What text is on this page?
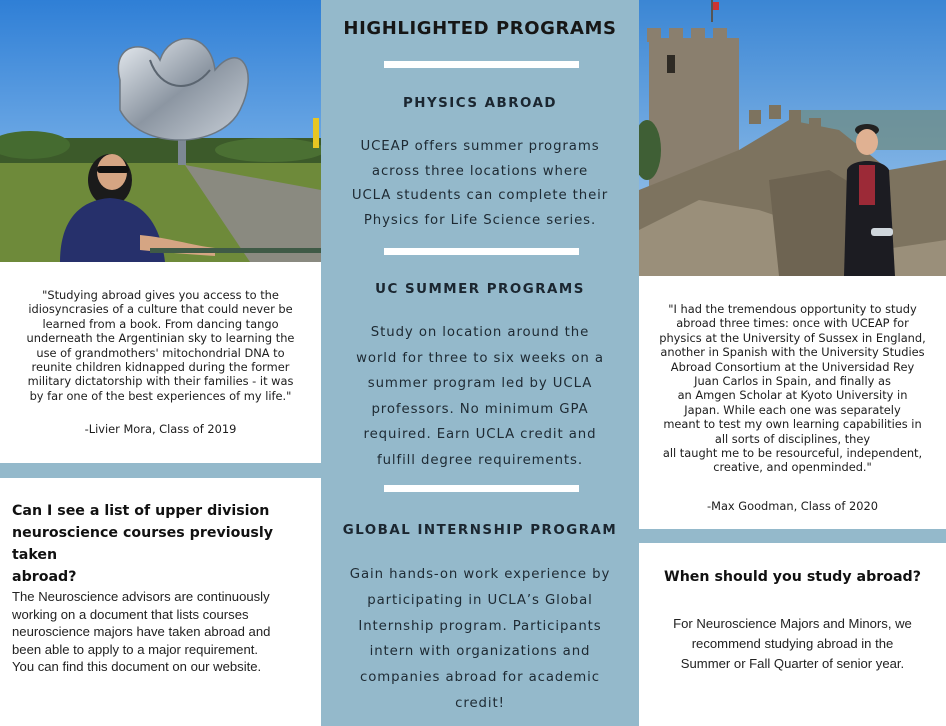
"Studying abroad gives you access to the
idiosyncrasies of a culture that could never be
learned from a book. From dancing tango
underneath the Argentinian sky to learning the
use of grandmothers' mitochondrial DNA to
reunite children kidnapped during the former
military dictatorship with their families - it was
by far one of the best experiences of my life."
-Livier Mora, Class of 2019
Can I see a list of upper division
neuroscience courses previously taken
abroad?
The Neuroscience advisors are continuously
working on a document that lists courses
neuroscience majors have taken abroad and
been able to apply to a major requirement.
You can find this document on our website.
HIGHLIGHTED PROGRAMS
PHYSICS ABROAD
UCEAP offers summer programs
across three locations where
UCLA students can complete their
Physics for Life Science series.
UC SUMMER PROGRAMS
Study on location around the
world for three to six weeks on a
summer program led by UCLA
professors. No minimum GPA
required. Earn UCLA credit and
fulfill degree requirements.
GLOBAL INTERNSHIP PROGRAM
Gain hands-on work experience by
participating in UCLA’s Global
Internship program. Participants
intern with organizations and
companies abroad for academic
credit!
"I had the tremendous opportunity to study
abroad three times: once with UCEAP for
physics at the University of Sussex in England,
another in Spanish with the University Studies
Abroad Consortium at the Universidad Rey
Juan Carlos in Spain, and finally as
an Amgen Scholar at Kyoto University in
Japan. While each one was separately
meant to test my own learning capabilities in
all sorts of disciplines, they
all taught me to be resourceful, independent,
creative, and openminded."
-Max Goodman, Class of 2020
When should you study abroad?
For Neuroscience Majors and Minors, we
recommend studying abroad in the
Summer or Fall Quarter of senior year.
